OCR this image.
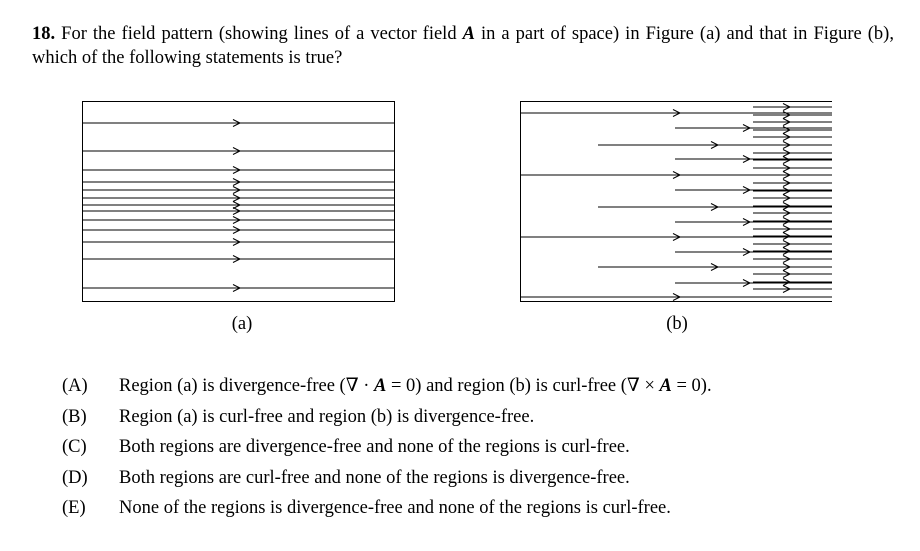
18. For the field pattern (showing lines of a vector field A in a part of space) in Figure (a) and that in Figure (b), which of the following statements is true?
(a)	(b)
(A) Region (a) is divergence-free (∇ · A = 0) and region (b) is curl-free (∇ × A = 0).
(B) Region (a) is curl-free and region (b) is divergence-free.
(C) Both regions are divergence-free and none of the regions is curl-free.
(D) Both regions are curl-free and none of the regions is divergence-free.
(E) None of the regions is divergence-free and none of the regions is curl-free.
